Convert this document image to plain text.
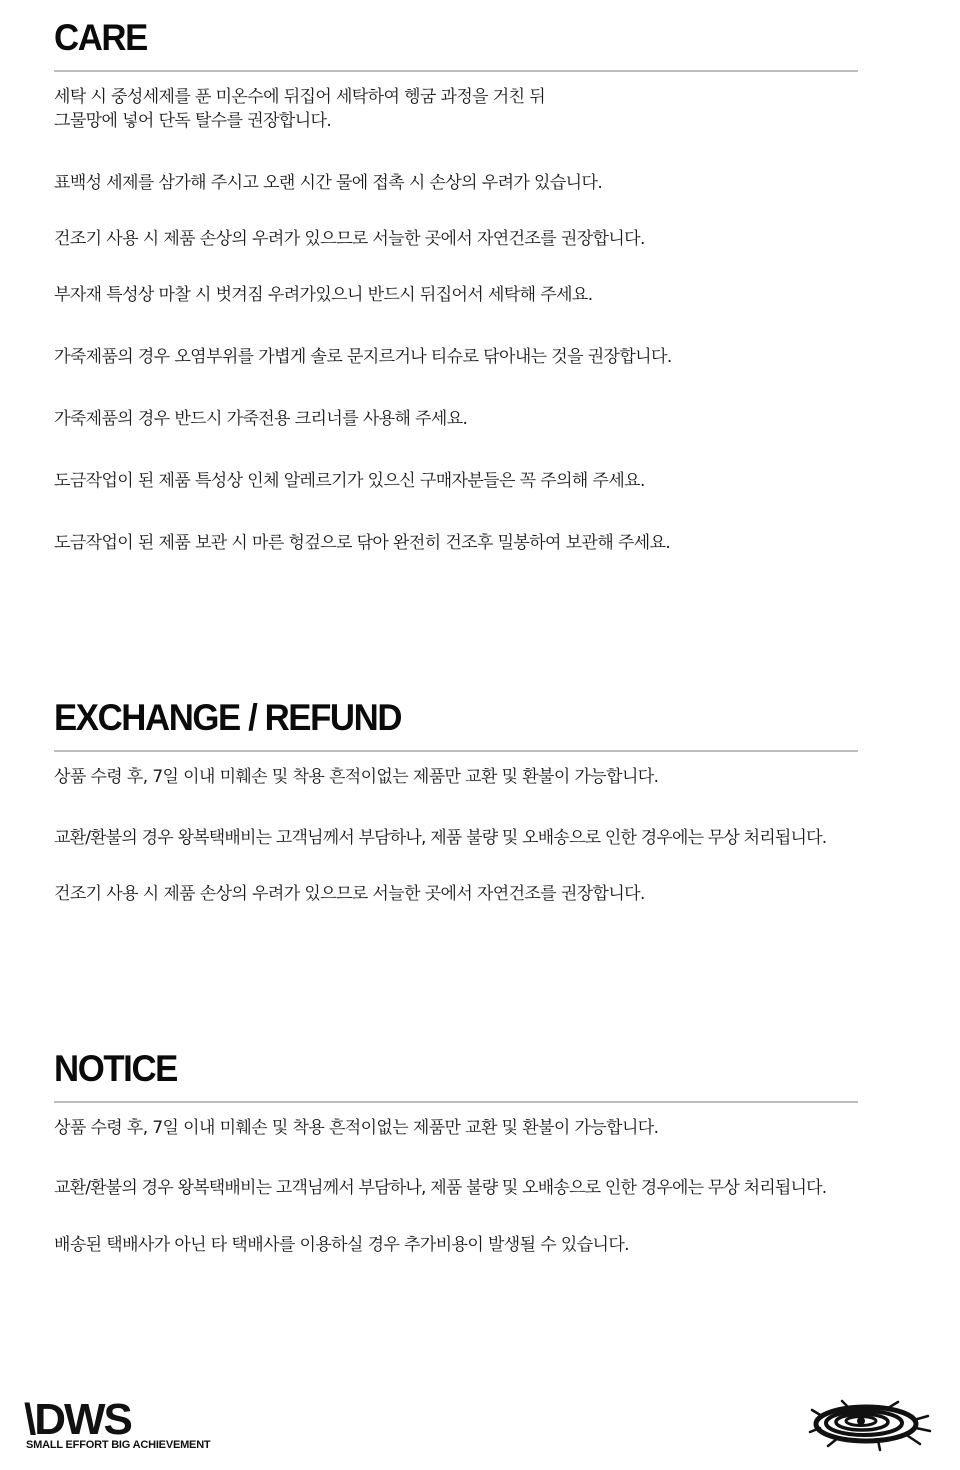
CARE
세탁 시 중성세제를 푼 미온수에 뒤집어 세탁하여 헹굼 과정을 거친 뒤
그물망에 넣어 단독 탈수를 권장합니다.
표백성 세제를 삼가해 주시고 오랜 시간 물에 접촉 시 손상의 우려가 있습니다.
건조기 사용 시 제품 손상의 우려가 있으므로 서늘한 곳에서 자연건조를 권장합니다.
부자재 특성상 마찰 시 벗겨짐 우려가있으니 반드시 뒤집어서 세탁해 주세요.
가죽제품의 경우 오염부위를 가볍게 솔로 문지르거나 티슈로 닦아내는 것을 권장합니다.
가죽제품의 경우 반드시 가죽전용 크리너를 사용해 주세요.
도금작업이 된 제품 특성상 인체 알레르기가 있으신 구매자분들은 꼭 주의해 주세요.
도금작업이 된 제품 보관 시 마른 헝겊으로 닦아 완전히 건조후 밀봉하여 보관해 주세요.
EXCHANGE / REFUND
상품 수령 후, 7일 이내 미훼손 및 착용 흔적이없는 제품만 교환 및 환불이 가능합니다.
교환/환불의 경우 왕복택배비는 고객님께서 부담하나, 제품 불량 및 오배송으로 인한 경우에는 무상 처리됩니다.
건조기 사용 시 제품 손상의 우려가 있으므로 서늘한 곳에서 자연건조를 권장합니다.
NOTICE
상품 수령 후, 7일 이내 미훼손 및 착용 흔적이없는 제품만 교환 및 환불이 가능합니다.
교환/환불의 경우 왕복택배비는 고객님께서 부담하나, 제품 불량 및 오배송으로 인한 경우에는 무상 처리됩니다.
배송된 택배사가 아닌 타 택배사를 이용하실 경우 추가비용이 발생될 수 있습니다.
\DWS
SMALL EFFORT BIG ACHIEVEMENT
